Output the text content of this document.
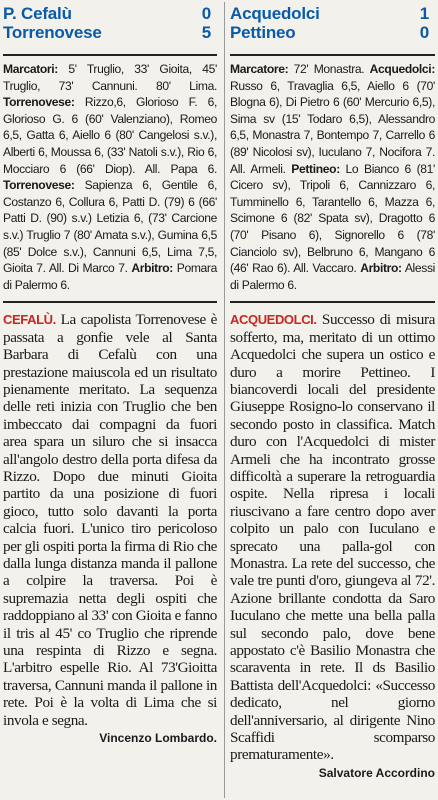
P. Cefalù	0
Torrenovese	5
Marcatori: 5' Truglio, 33' Gioita, 45' Truglio, 73' Cannuni. 80' Lima. Torrenovese: Rizzo,6, Glorioso F. 6, Glorioso G. 6 (60' Valenziano), Romeo 6,5, Gatta 6, Aiello 6 (80' Cangelosi s.v.), Alberti 6, Moussa 6, (33' Natoli s.v.), Rio 6, Mocciaro 6 (66' Diop). All. Papa 6. Torrenovese: Sapienza 6, Gentile 6, Costanzo 6, Collura 6, Patti D. (79) 6 (66' Patti D. (90) s.v.) Letizia 6, (73' Carcione s.v.) Truglio 7 (80' Amata s.v.), Gumina 6,5 (85' Dolce s.v.), Cannuni 6,5, Lima 7,5, Gioita 7. All. Di Marco 7. Arbitro: Pomara di Palermo 6.
CEFALÙ. La capolista Torrenovese è passata a gonfie vele al Santa Barbara di Cefalù con una prestazione maiuscola ed un risultato pienamente meritato. La sequenza delle reti inizia con Truglio che ben imbeccato dai compagni da fuori area spara un siluro che si insacca all'angolo destro della porta difesa da Rizzo. Dopo due minuti Gioita partito da una posizione di fuori gioco, tutto solo davanti la porta calcia fuori. L'unico tiro pericoloso per gli ospiti porta la firma di Rio che dalla lunga distanza manda il pallone a colpire la traversa. Poi è supremazia netta degli ospiti che raddoppiano al 33' con Gioita e fanno il tris al 45' co Truglio che riprende una respinta di Rizzo e segna. L'arbitro espelle Rio. Al 73'Gioitta traversa, Cannuni manda il pallone in rete. Poi è la volta di Lima che si invola e segna.
Vincenzo Lombardo.
Acquedolci	1
Pettineo	0
Marcatore: 72' Monastra. Acquedolci: Russo 6, Travaglia 6,5, Aiello 6 (70' Blogna 6), Di Pietro 6 (60' Mercurio 6,5), Sima sv (15' Todaro 6,5), Alessandro 6,5, Monastra 7, Bontempo 7, Carrello 6 (89' Nicolosi sv), Iuculano 7, Nocifora 7. All. Armeli. Pettineo: Lo Bianco 6 (81' Cicero sv), Tripoli 6, Cannizzaro 6, Tumminello 6, Tarantello 6, Mazza 6, Scimone 6 (82' Spata sv), Dragotto 6 (70' Pisano 6), Signorello 6 (78' Cianciolo sv), Belbruno 6, Mangano 6 (46' Rao 6). All. Vaccaro. Arbitro: Alessi di Palermo 6.
ACQUEDOLCI. Successo di misura sofferto, ma, meritato di un ottimo Acquedolci che supera un ostico e duro a morire Pettineo. I biancoverdi locali del presidente Giuseppe Rosigno-lo conservano il secondo posto in classifica. Match duro con l'Acquedolci di mister Armeli che ha incontrato grosse difficoltà a superare la retroguardia ospite. Nella ripresa i locali riuscivano a fare centro dopo aver colpito un palo con Iuculano e sprecato una palla-gol con Monastra. La rete del successo, che vale tre punti d'oro, giungeva al 72'. Azione brillante condotta da Saro Iuculano che mette una bella palla sul secondo palo, dove bene appostato c'è Basilio Monastra che scaraventa in rete. Il ds Basilio Battista dell'Acquedolci: «Successo dedicato, nel giorno dell'anniversario, al dirigente Nino Scaffidi scomparso prematuramente».
Salvatore Accordino
